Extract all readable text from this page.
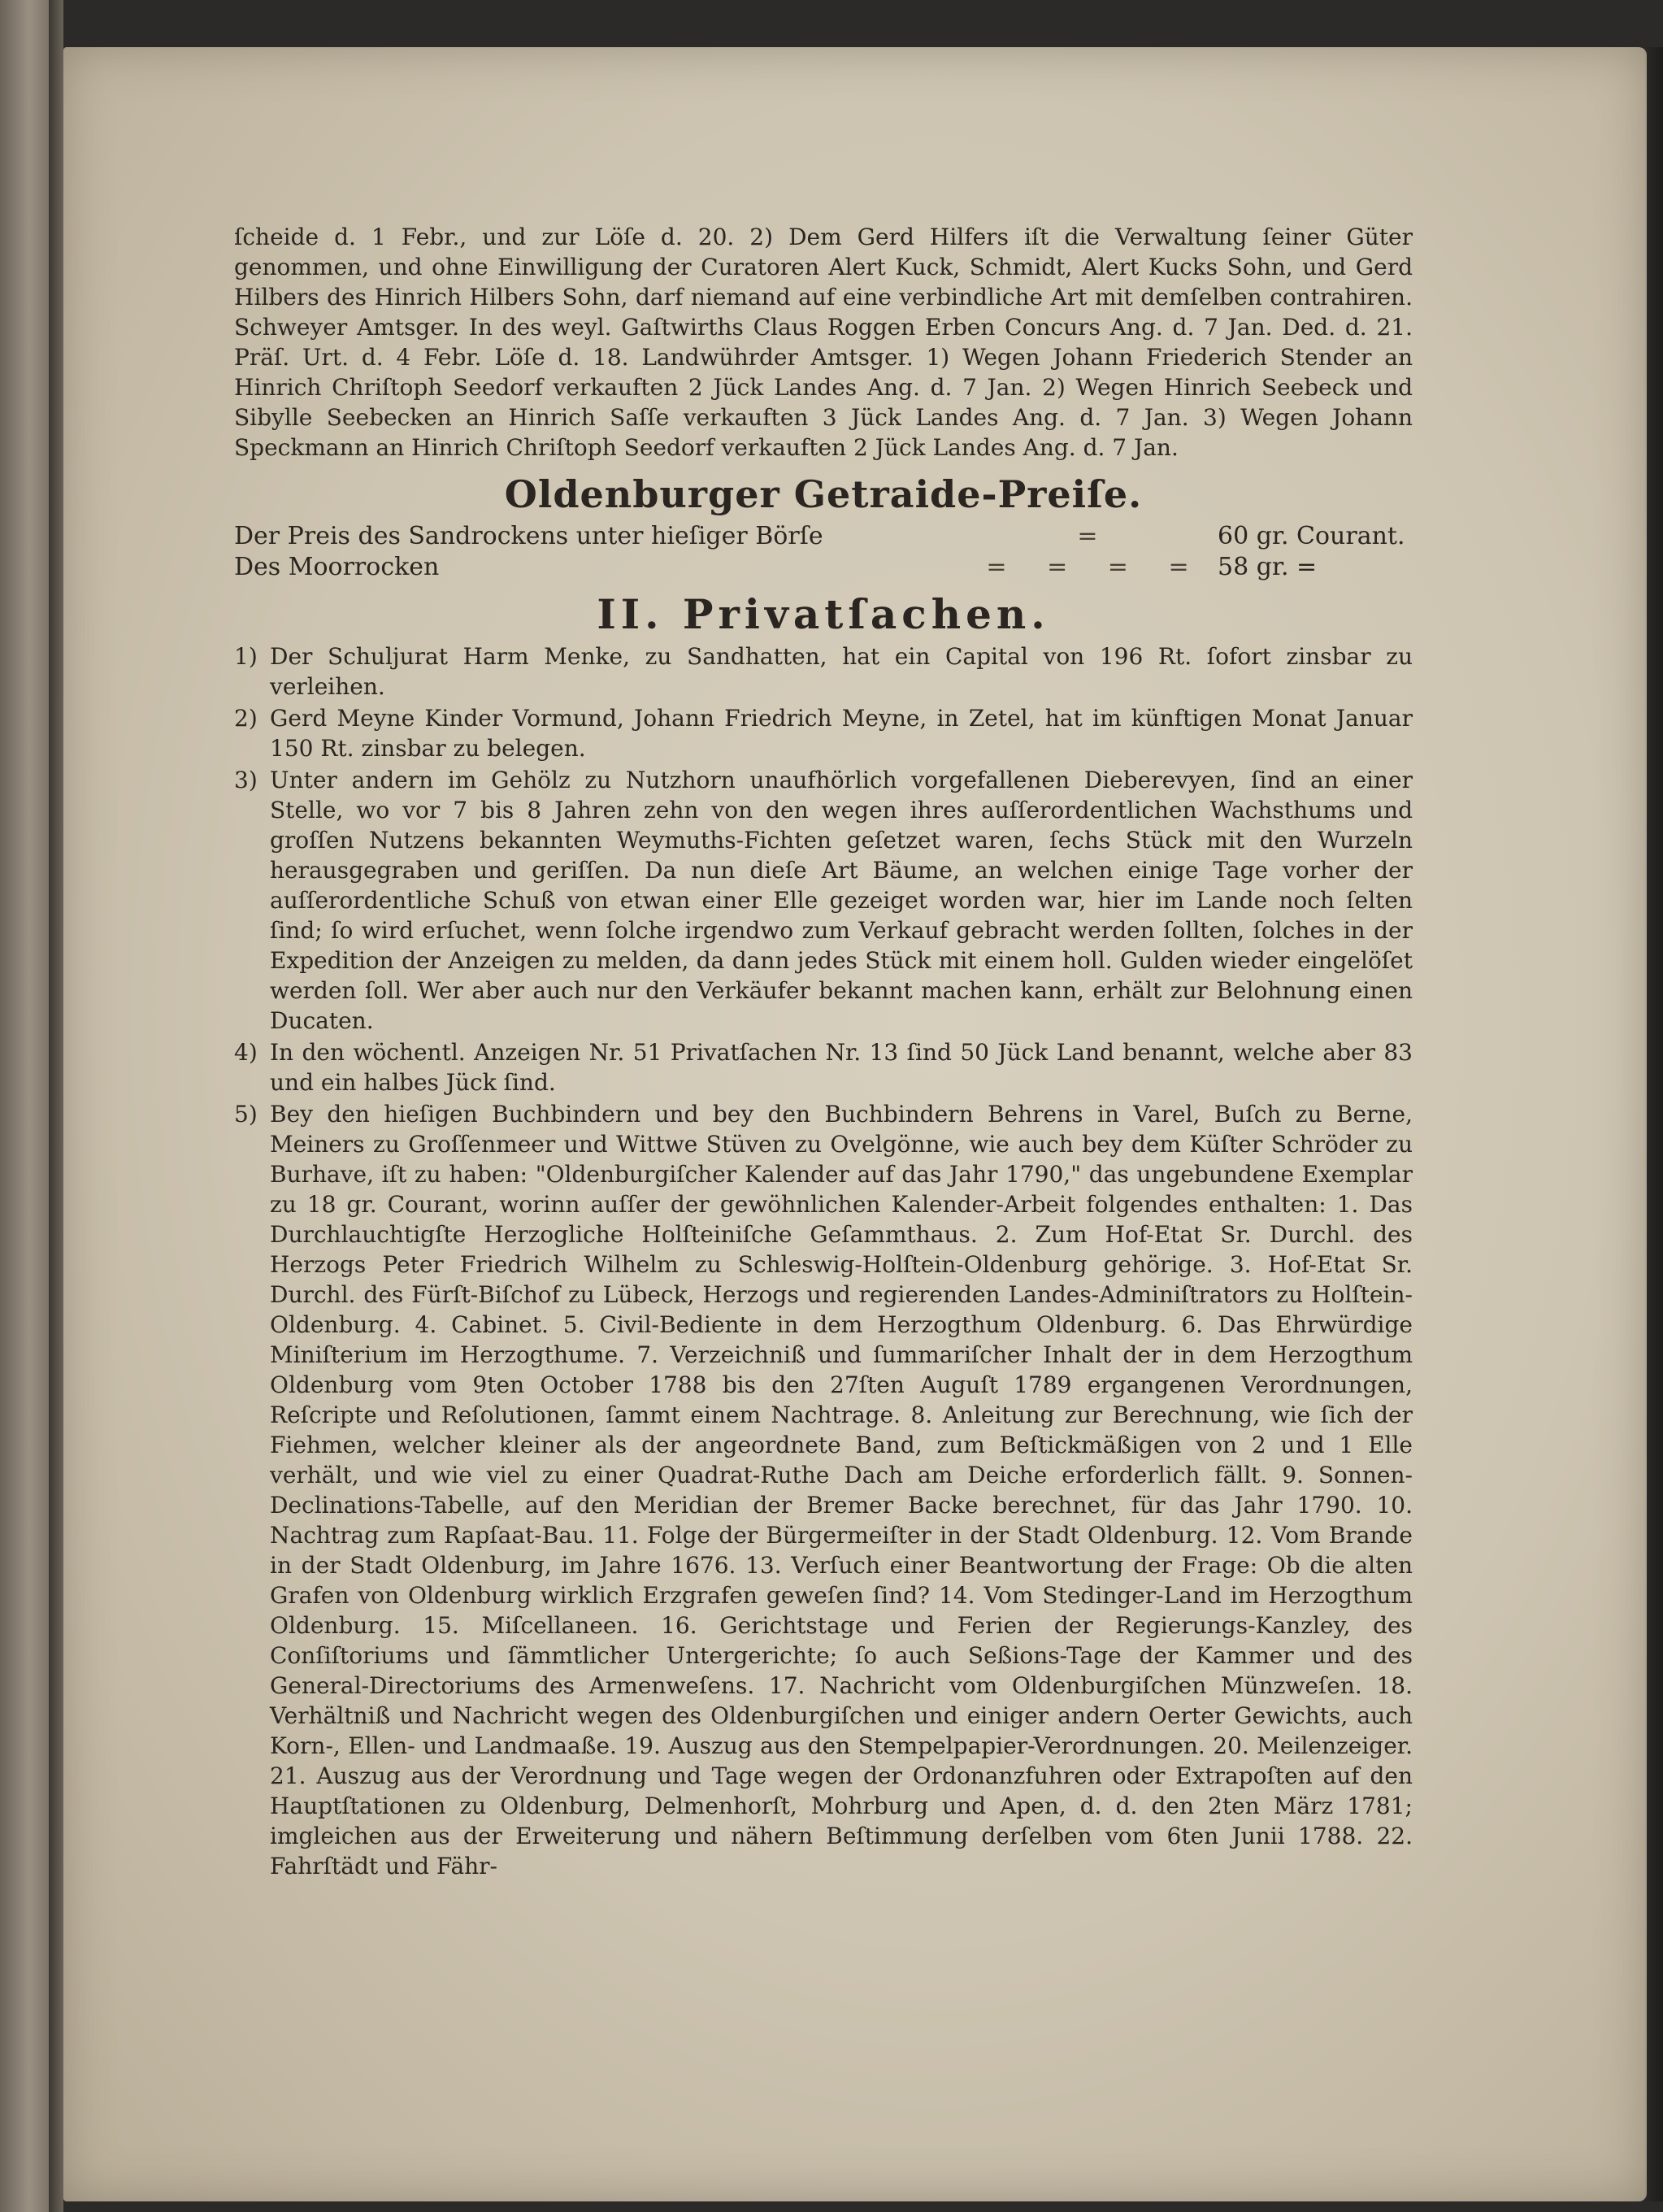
ſcheide d. 1 Febr., und zur Löſe d. 20. 2) Dem Gerd Hilfers iſt die Verwaltung ſeiner Güter genommen, und ohne Einwilligung der Curatoren Alert Kuck, Schmidt, Alert Kucks Sohn, und Gerd Hilbers des Hinrich Hilbers Sohn, darf niemand auf eine verbindliche Art mit demſelben contrahiren. Schweyer Amtsger. In des weyl. Gaſtwirths Claus Roggen Erben Concurs Ang. d. 7 Jan. Ded. d. 21. Präſ. Urt. d. 4 Febr. Löſe d. 18. Landwührder Amtsger. 1) Wegen Johann Friederich Stender an Hinrich Chriſtoph Seedorf verkauften 2 Jück Landes Ang. d. 7 Jan. 2) Wegen Hinrich Seebeck und Sibylle Seebecken an Hinrich Saſſe verkauften 3 Jück Landes Ang. d. 7 Jan. 3) Wegen Johann Speckmann an Hinrich Chriſtoph Seedorf verkauften 2 Jück Landes Ang. d. 7 Jan.

Oldenburger Getraide-Preiſe.
Der Preis des Sandrockens unter hieſiger Börſe	=	60 gr. Courant.
Des Moorrocken	= = = = 58 gr. =
II. Privatſachen.
1) Der Schuljurat Harm Menke, zu Sandhatten, hat ein Capital von 196 Rt. ſofort zinsbar zu verleihen.
2) Gerd Meyne Kinder Vormund, Johann Friedrich Meyne, in Zetel, hat im künftigen Monat Januar 150 Rt. zinsbar zu belegen.
3) Unter andern im Gehölz zu Nutzhorn unaufhörlich vorgefallenen Dieberevyen, ſind an einer Stelle, wo vor 7 bis 8 Jahren zehn von den wegen ihres auſſerordentlichen Wachsthums und groſſen Nutzens bekannten Weymuths-Fichten geſetzet waren, ſechs Stück mit den Wurzeln herausgegraben und geriſſen. Da nun dieſe Art Bäume, an welchen einige Tage vorher der auſſerordentliche Schuß von etwan einer Elle gezeiget worden war, hier im Lande noch ſelten ſind; ſo wird erſuchet, wenn ſolche irgendwo zum Verkauf gebracht werden ſollten, ſolches in der Expedition der Anzeigen zu melden, da dann jedes Stück mit einem holl. Gulden wieder eingelöſet werden ſoll. Wer aber auch nur den Verkäufer bekannt machen kann, erhält zur Belohnung einen Ducaten.
4) In den wöchentl. Anzeigen Nr. 51 Privatſachen Nr. 13 ſind 50 Jück Land benannt, welche aber 83 und ein halbes Jück ſind.
5) Bey den hieſigen Buchbindern und bey den Buchbindern Behrens in Varel, Buſch zu Berne, Meiners zu Groſſenmeer und Wittwe Stüven zu Ovelgönne, wie auch bey dem Küſter Schröder zu Burhave, iſt zu haben: "Oldenburgiſcher Kalender auf das Jahr 1790," das ungebundene Exemplar zu 18 gr. Courant, worinn auſſer der gewöhnlichen Kalender-Arbeit folgendes enthalten: 1. Das Durchlauchtigſte Herzogliche Holſteiniſche Geſammthaus. 2. Zum Hof-Etat Sr. Durchl. des Herzogs Peter Friedrich Wilhelm zu Schleswig-Holſtein-Oldenburg gehörige. 3. Hof-Etat Sr. Durchl. des Fürſt-Biſchof zu Lübeck, Herzogs und regierenden Landes-Adminiſtrators zu Holſtein-Oldenburg. 4. Cabinet. 5. Civil-Bediente in dem Herzogthum Oldenburg. 6. Das Ehrwürdige Miniſterium im Herzogthume. 7. Verzeichniß und ſummariſcher Inhalt der in dem Herzogthum Oldenburg vom 9ten October 1788 bis den 27ſten Auguſt 1789 ergangenen Verordnungen, Reſcripte und Reſolutionen, ſammt einem Nachtrage. 8. Anleitung zur Berechnung, wie ſich der Fiehmen, welcher kleiner als der angeordnete Band, zum Beſtickmäßigen von 2 und 1 Elle verhält, und wie viel zu einer Quadrat-Ruthe Dach am Deiche erforderlich fällt. 9. Sonnen-Declinations-Tabelle, auf den Meridian der Bremer Backe berechnet, für das Jahr 1790. 10. Nachtrag zum Rapſaat-Bau. 11. Folge der Bürgermeiſter in der Stadt Oldenburg. 12. Vom Brande in der Stadt Oldenburg, im Jahre 1676. 13. Verſuch einer Beantwortung der Frage: Ob die alten Grafen von Oldenburg wirklich Erzgrafen geweſen ſind? 14. Vom Stedinger-Land im Herzogthum Oldenburg. 15. Miſcellaneen. 16. Gerichtstage und Ferien der Regierungs-Kanzley, des Conſiſtoriums und ſämmtlicher Untergerichte; ſo auch Seßions-Tage der Kammer und des General-Directoriums des Armenweſens. 17. Nachricht vom Oldenburgiſchen Münzweſen. 18. Verhältniß und Nachricht wegen des Oldenburgiſchen und einiger andern Oerter Gewichts, auch Korn-, Ellen- und Landmaaße. 19. Auszug aus den Stempelpapier-Verordnungen. 20. Meilenzeiger. 21. Auszug aus der Verordnung und Tage wegen der Ordonanzfuhren oder Extrapoſten auf den Hauptſtationen zu Oldenburg, Delmenhorſt, Mohrburg und Apen, d. d. den 2ten März 1781; imgleichen aus der Erweiterung und nähern Beſtimmung derſelben vom 6ten Junii 1788. 22. Fahrſtädt und Fähr-
